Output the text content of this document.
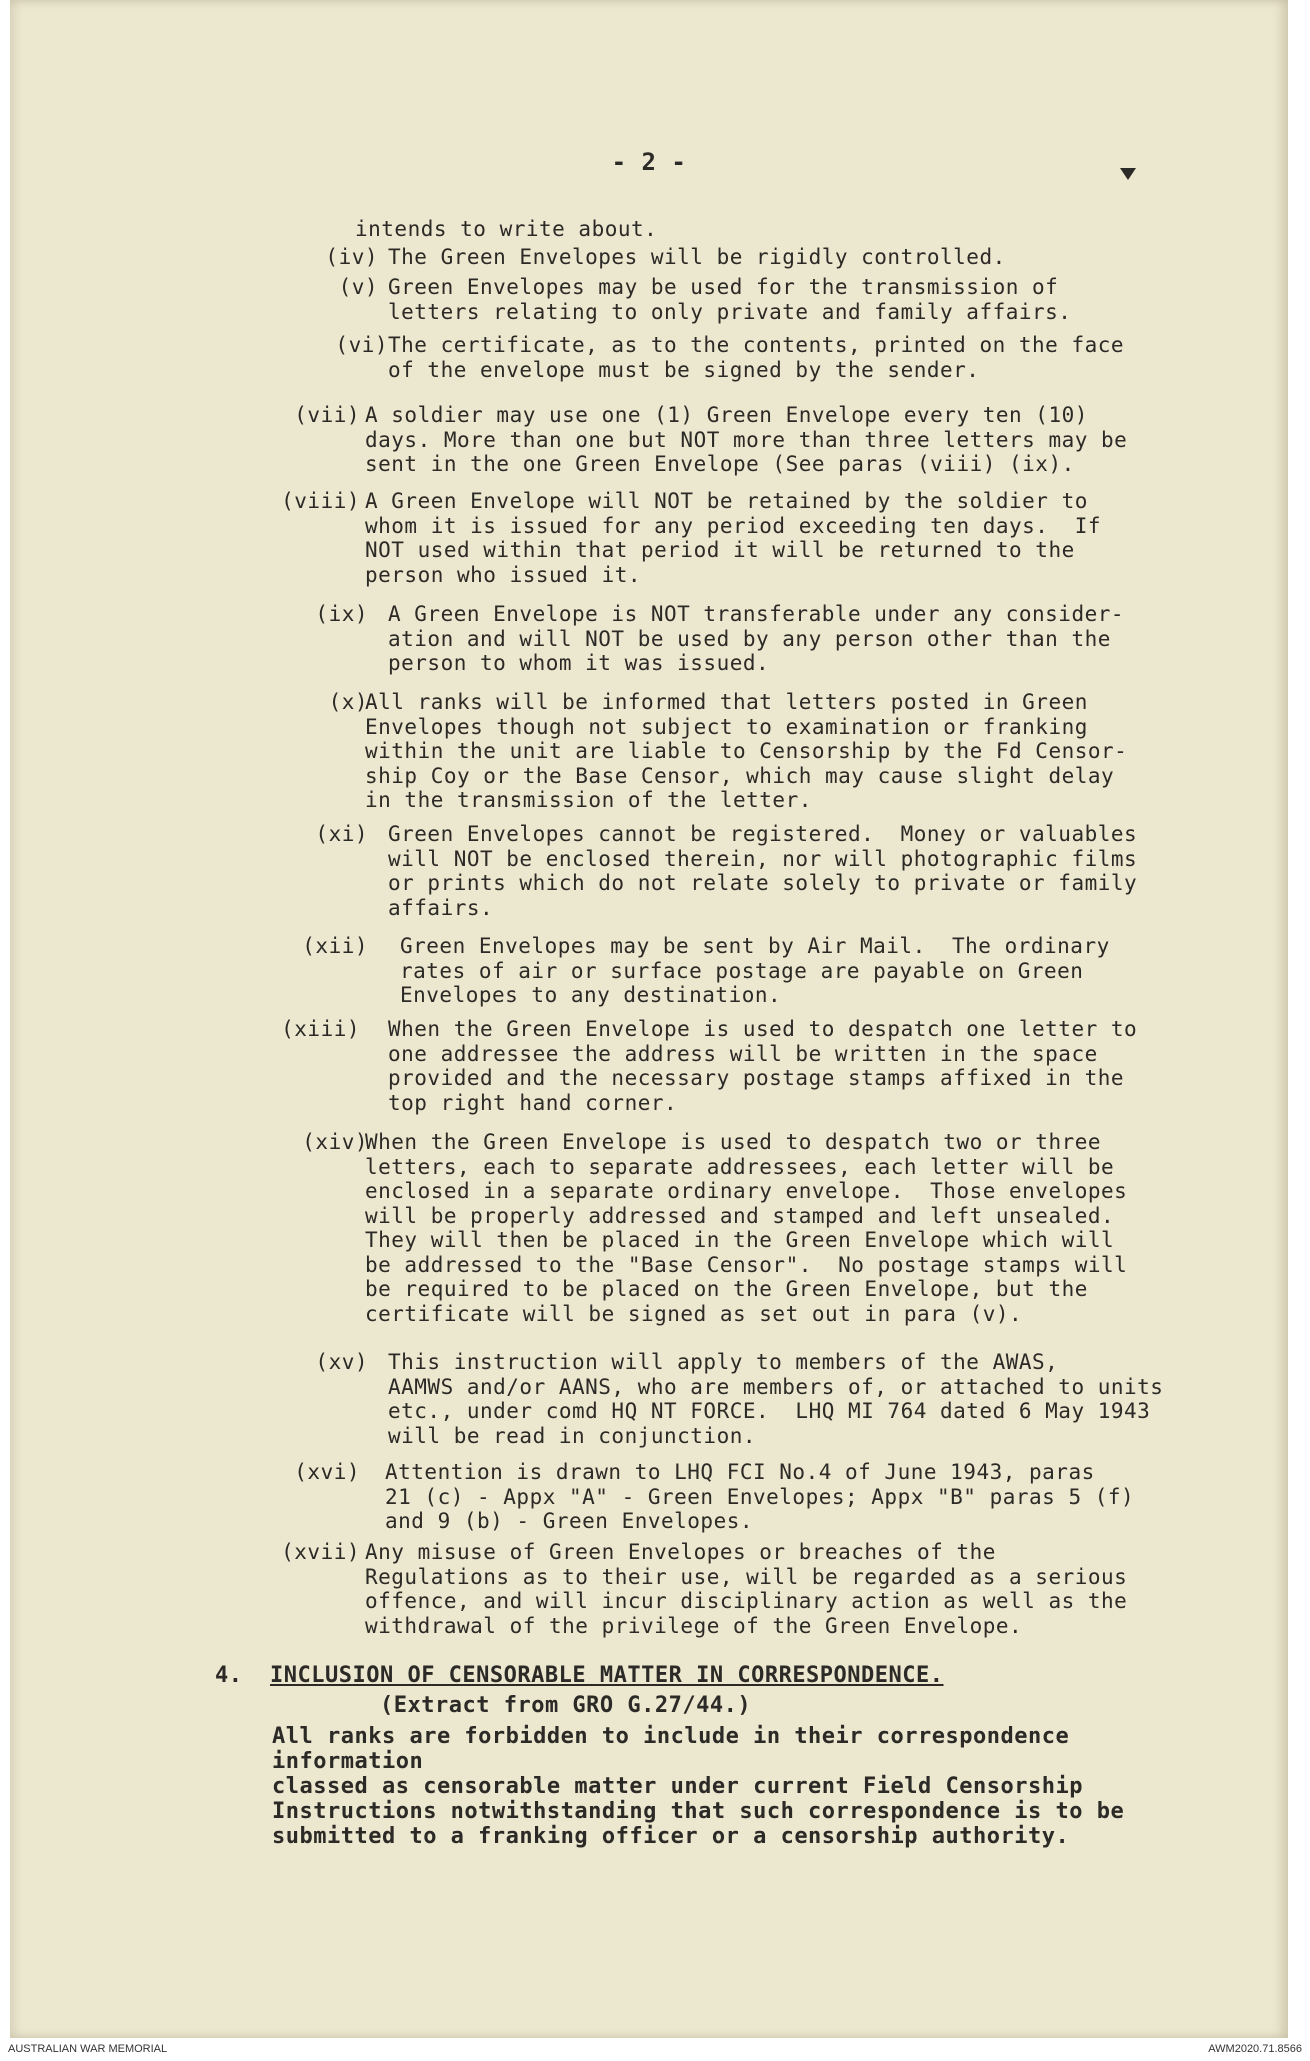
- 2 -
intends to write about.
(iv) The Green Envelopes will be rigidly controlled.
(v) Green Envelopes may be used for the transmission of
letters relating to only private and family affairs.
(vi) The certificate, as to the contents, printed on the face
of the envelope must be signed by the sender.
(vii) A soldier may use one (1) Green Envelope every ten (10)
days. More than one but NOT more than three letters may be
sent in the one Green Envelope (See paras (viii) (ix).
(viii) A Green Envelope will NOT be retained by the soldier to
whom it is issued for any period exceeding ten days.  If
NOT used within that period it will be returned to the
person who issued it.
(ix) A Green Envelope is NOT transferable under any consider-
ation and will NOT be used by any person other than the
person to whom it was issued.
(x)
All ranks will be informed that letters posted in Green
Envelopes though not subject to examination or franking
within the unit are liable to Censorship by the Fd Censor-
ship Coy or the Base Censor, which may cause slight delay
in the transmission of the letter.
(xi) Green Envelopes cannot be registered.  Money or valuables
will NOT be enclosed therein, nor will photographic films
or prints which do not relate solely to private or family
affairs.
(xii) Green Envelopes may be sent by Air Mail.  The ordinary
rates of air or surface postage are payable on Green
Envelopes to any destination.
(xiii) When the Green Envelope is used to despatch one letter to
one addressee the address will be written in the space
provided and the necessary postage stamps affixed in the
top right hand corner.
(xiv)
When the Green Envelope is used to despatch two or three
letters, each to separate addressees, each letter will be
enclosed in a separate ordinary envelope.  Those envelopes
will be properly addressed and stamped and left unsealed.
They will then be placed in the Green Envelope which will
be addressed to the "Base Censor".  No postage stamps will
be required to be placed on the Green Envelope, but the
certificate will be signed as set out in para (v).
(xv) This instruction will apply to members of the AWAS,
AAMWS and/or AANS, who are members of, or attached to units
etc., under comd HQ NT FORCE.  LHQ MI 764 dated 6 May 1943
will be read in conjunction.
(xvi) Attention is drawn to LHQ FCI No.4 of June 1943, paras
21 (c) - Appx "A" - Green Envelopes; Appx "B" paras 5 (f)
and 9 (b) - Green Envelopes.
(xvii) Any misuse of Green Envelopes or breaches of the
Regulations as to their use, will be regarded as a serious
offence, and will incur disciplinary action as well as the
withdrawal of the privilege of the Green Envelope.
4. INCLUSION OF CENSORABLE MATTER IN CORRESPONDENCE.
(Extract from GRO G.27/44.)
All ranks are forbidden to include in their correspondence information
classed as censorable matter under current Field Censorship
Instructions notwithstanding that such correspondence is to be
submitted to a franking officer or a censorship authority.
AUSTRALIAN WAR MEMORIAL	AWM2020.71.8566
